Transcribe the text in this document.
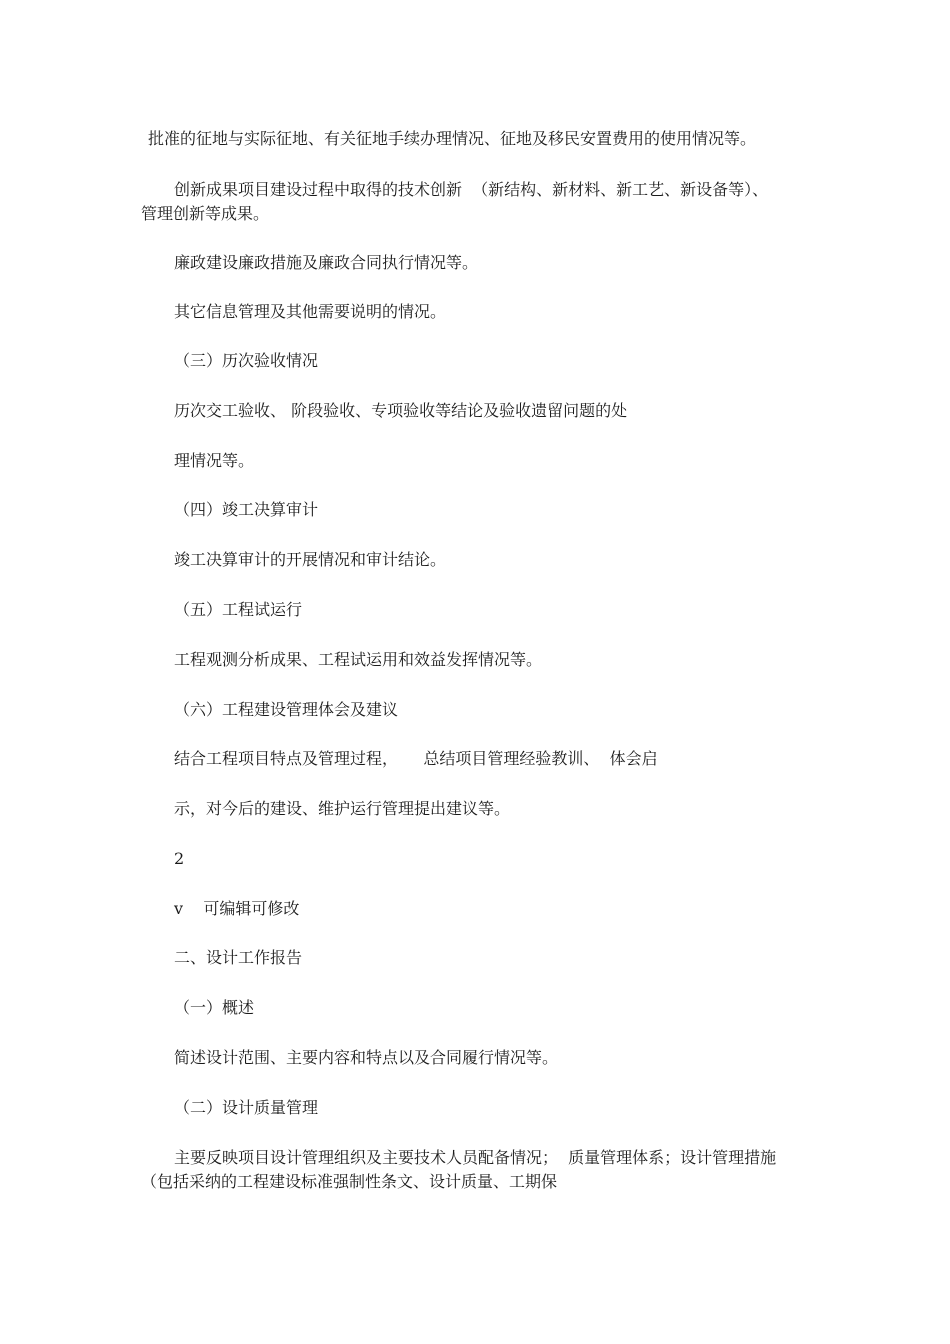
批准的征地与实际征地、有关征地手续办理情况、征地及移民安置费用的使用情况等。
创新成果项目建设过程中取得的技术创新  （新结构、新材料、新工艺、新设备等）、
管理创新等成果。
廉政建设廉政措施及廉政合同执行情况等。
其它信息管理及其他需要说明的情况。
（三）历次验收情况
历次交工验收、 阶段验收、专项验收等结论及验收遗留问题的处
理情况等。
（四）竣工决算审计
竣工决算审计的开展情况和审计结论。
（五）工程试运行
工程观测分析成果、工程试运用和效益发挥情况等。
（六）工程建设管理体会及建议
结合工程项目特点及管理过程，     总结项目管理经验教训、  体会启
示，对今后的建设、维护运行管理提出建议等。
2
v    可编辑可修改
二、设计工作报告
（一）概述
简述设计范围、主要内容和特点以及合同履行情况等。
（二）设计质量管理
主要反映项目设计管理组织及主要技术人员配备情况；  质量管理体系；设计管理措施
（包括采纳的工程建设标准强制性条文、设计质量、工期保
